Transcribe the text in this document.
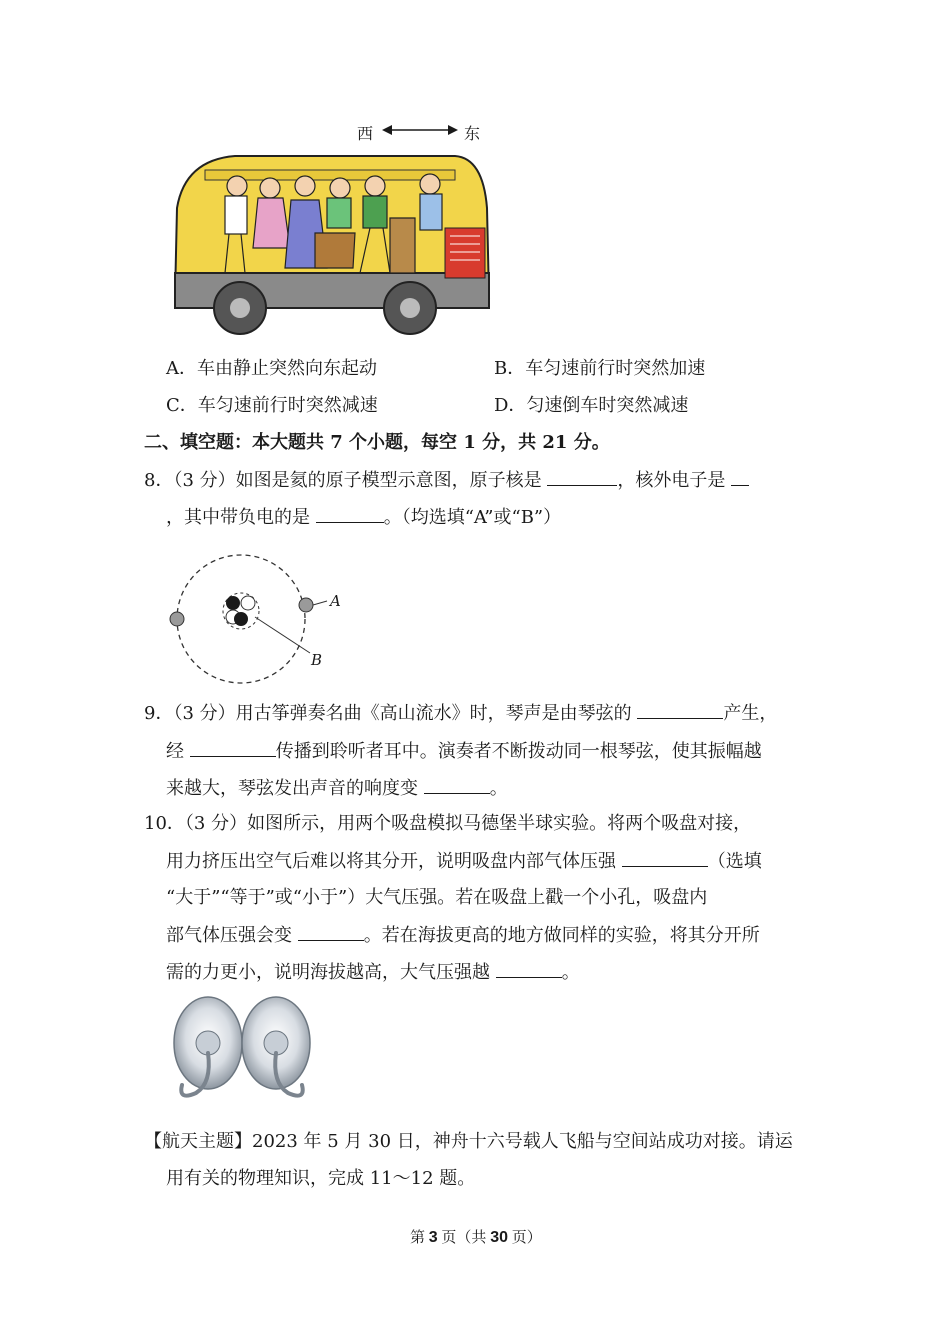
西	东
A．车由静止突然向东起动	B．车匀速前行时突然加速
C．车匀速前行时突然减速	D．匀速倒车时突然减速
二、填空题：本大题共 7 个小题，每空 1 分，共 21 分。
8．（3 分）如图是氦的原子模型示意图，原子核是	，核外电子是
，其中带负电的是	。（均选填“A”或“B”）
A
B
9．（3 分）用古筝弹奏名曲《高山流水》时，琴声是由琴弦的	产生，
经	传播到聆听者耳中。演奏者不断拨动同一根琴弦，使其振幅越
来越大，琴弦发出声音的响度变	。
10．（3 分）如图所示，用两个吸盘模拟马德堡半球实验。将两个吸盘对接，
用力挤压出空气后难以将其分开，说明吸盘内部气体压强	（选填
“大于”“等于”或“小于”）大气压强。若在吸盘上戳一个小孔，吸盘内
部气体压强会变	。若在海拔更高的地方做同样的实验，将其分开所
需的力更小，说明海拔越高，大气压强越	。
【航天主题】2023 年 5 月 30 日，神舟十六号载人飞船与空间站成功对接。请运
用有关的物理知识，完成 11～12 题。
第 3 页（共 30 页）
